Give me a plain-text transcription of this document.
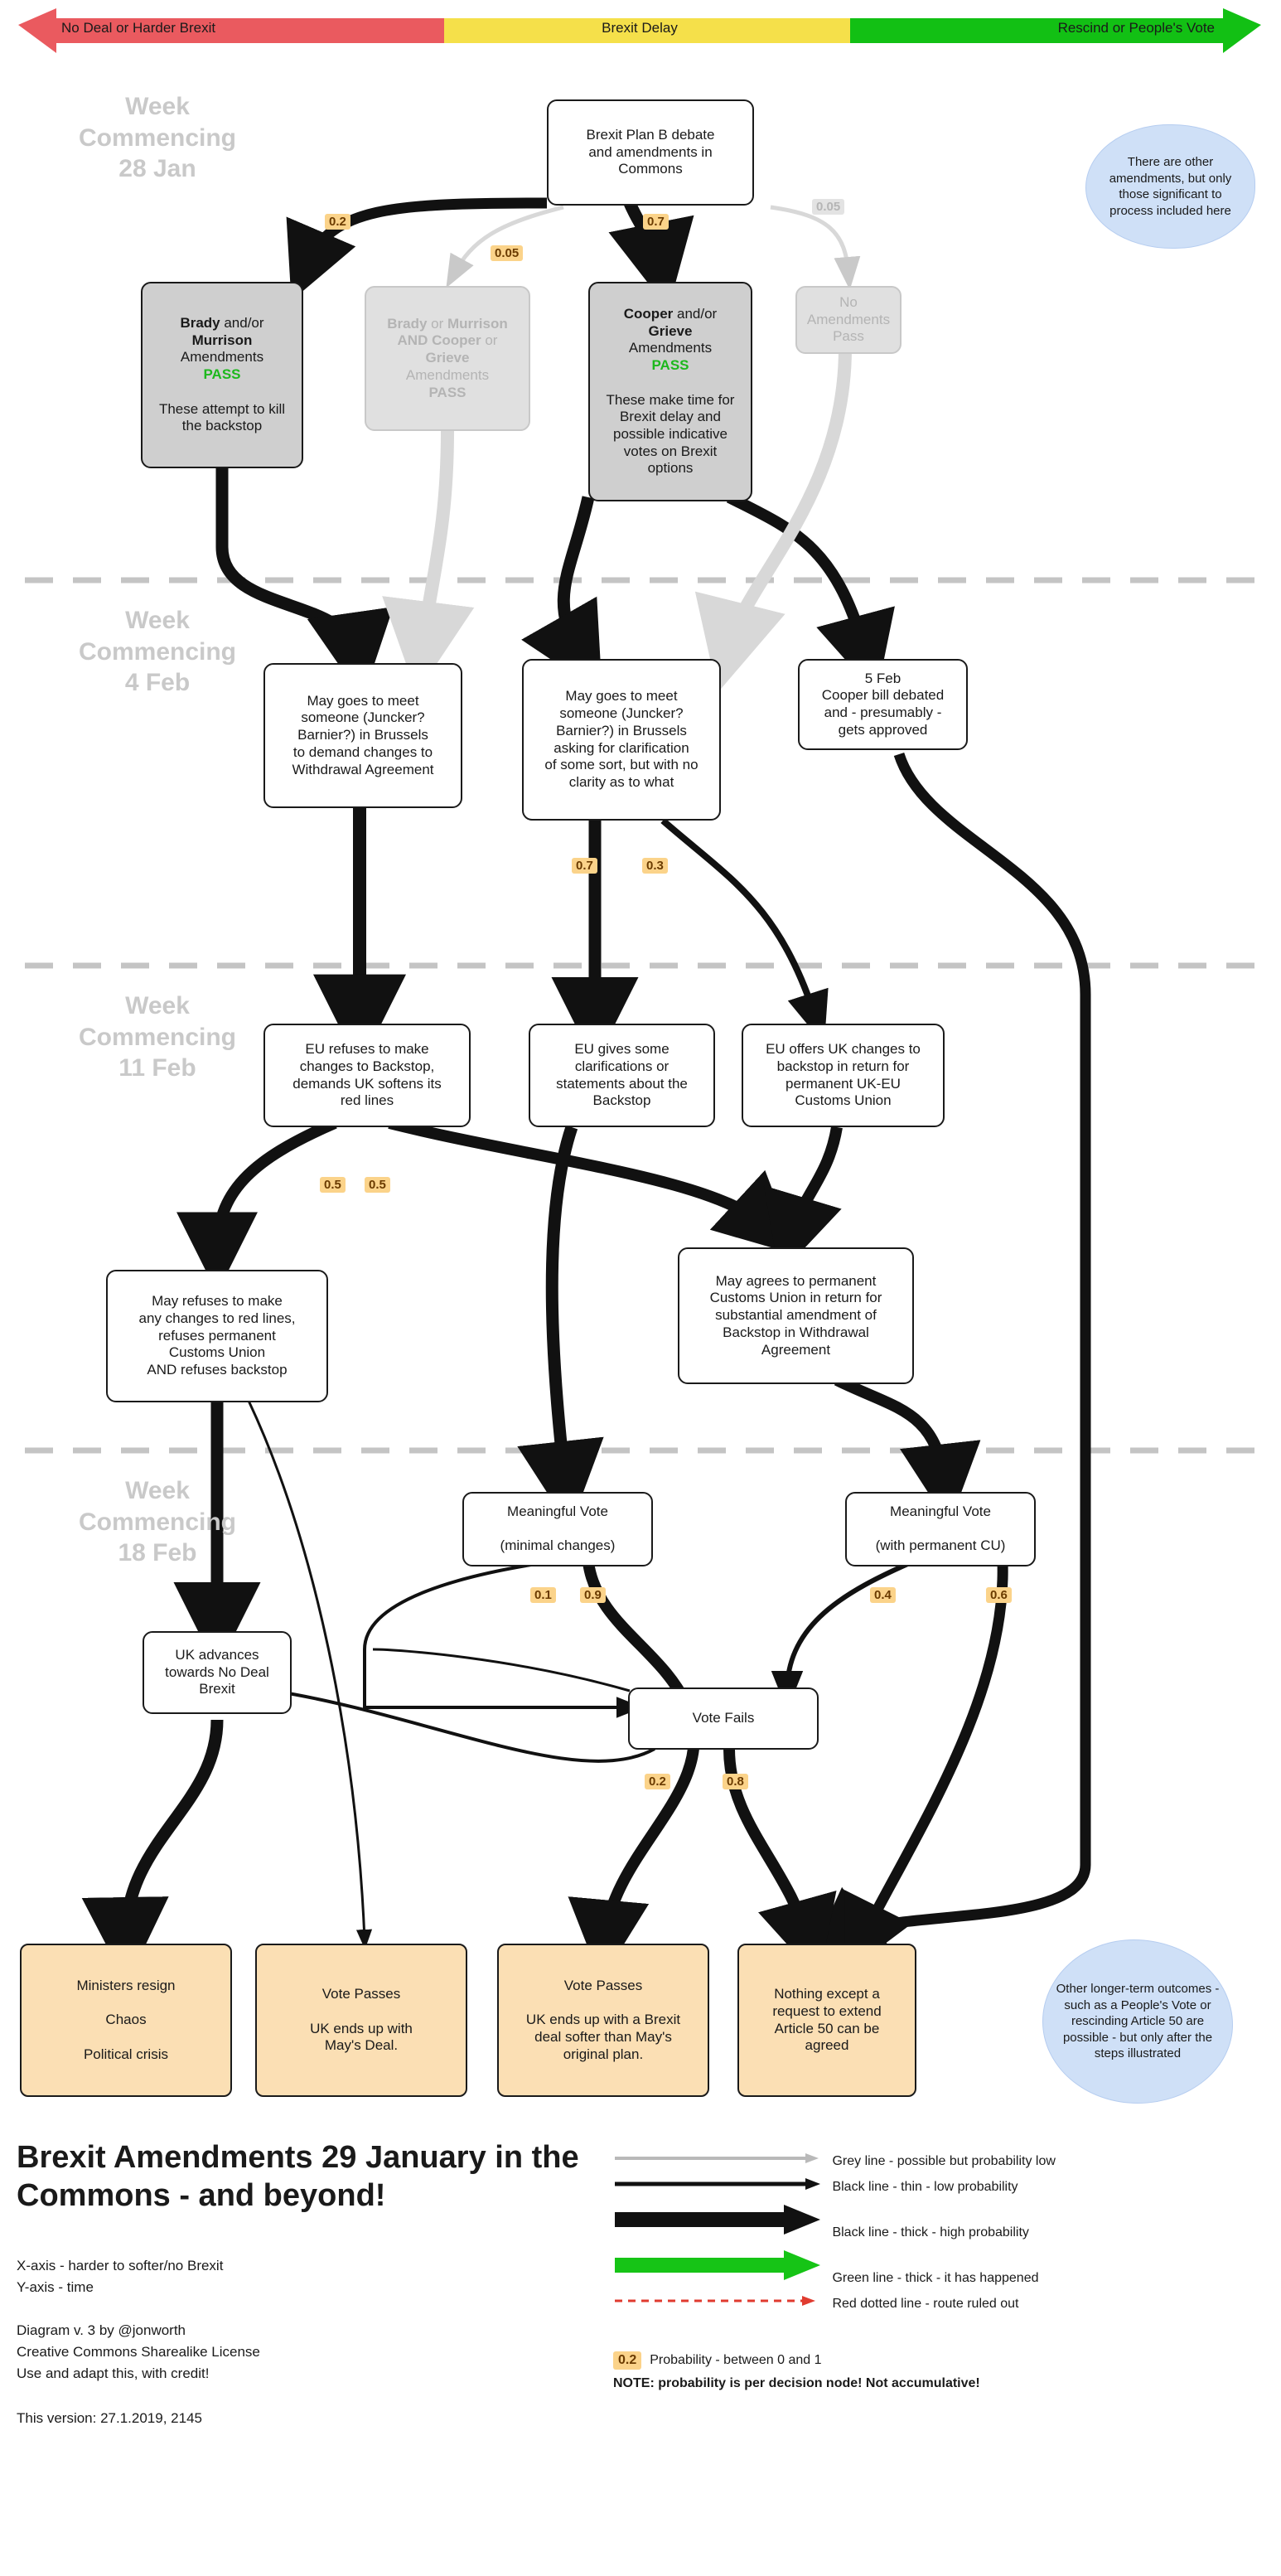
No Deal or Harder Brexit	Brexit Delay	Rescind or People's Vote
Week
Commencing
28 Jan
Week
Commencing
4 Feb
Week
Commencing
11 Feb
Week
Commencing
18 Feb
Brexit Plan B debate
and amendments in
Commons
Brady and/or
Murrison
Amendments
PASS

These attempt to kill
the backstop
Brady or Murrison
AND Cooper or
Grieve
Amendments
PASS
Cooper and/or
Grieve
Amendments
PASS

These make time for
Brexit delay and
possible indicative
votes on Brexit
options
No
Amendments
Pass
May goes to meet
someone (Juncker?
Barnier?) in Brussels
to demand changes to
Withdrawal Agreement
May goes to meet
someone (Juncker?
Barnier?) in Brussels
asking for clarification
of some sort, but with no
clarity as to what
5 Feb
Cooper bill debated
and - presumably -
gets approved
EU refuses to make
changes to Backstop,
demands UK softens its
red lines
EU gives some
clarifications or
statements about the
Backstop
EU offers UK changes to
backstop in return for
permanent UK-EU
Customs Union
May refuses to make
any changes to red lines,
refuses permanent
Customs Union
AND refuses backstop
May agrees to permanent
Customs Union in return for
substantial amendment of
Backstop in Withdrawal
Agreement
Meaningful Vote

(minimal changes)
Meaningful Vote

(with permanent CU)
UK advances
towards No Deal
Brexit
Vote Fails
Ministers resign

Chaos

Political crisis
Vote Passes

UK ends up with
May's Deal.
Vote Passes

UK ends up with a Brexit
deal softer than May's
original plan.
Nothing except a
request to extend
Article 50 can be
agreed
0.2
0.05
0.7
0.05
0.7	0.3
0.5	0.5
0.1	0.9	0.4	0.6
0.2	0.8
There are other amendments, but only those significant to process included here
Other longer-term outcomes - such as a People's Vote or rescinding Article 50 are possible - but only after the steps illustrated
Brexit Amendments 29 January in the Commons - and beyond!
X-axis - harder to softer/no Brexit
Y-axis - time
Diagram v. 3 by @jonworth
Creative Commons Sharealike License
Use and adapt this, with credit!
This version: 27.1.2019, 2145
Grey line - possible but probability low
Black line - thin - low probability
Black line - thick - high probability
Green line - thick - it has happened
Red dotted line - route ruled out
0.2	Probability - between 0 and 1
NOTE: probability is per decision node! Not accumulative!
